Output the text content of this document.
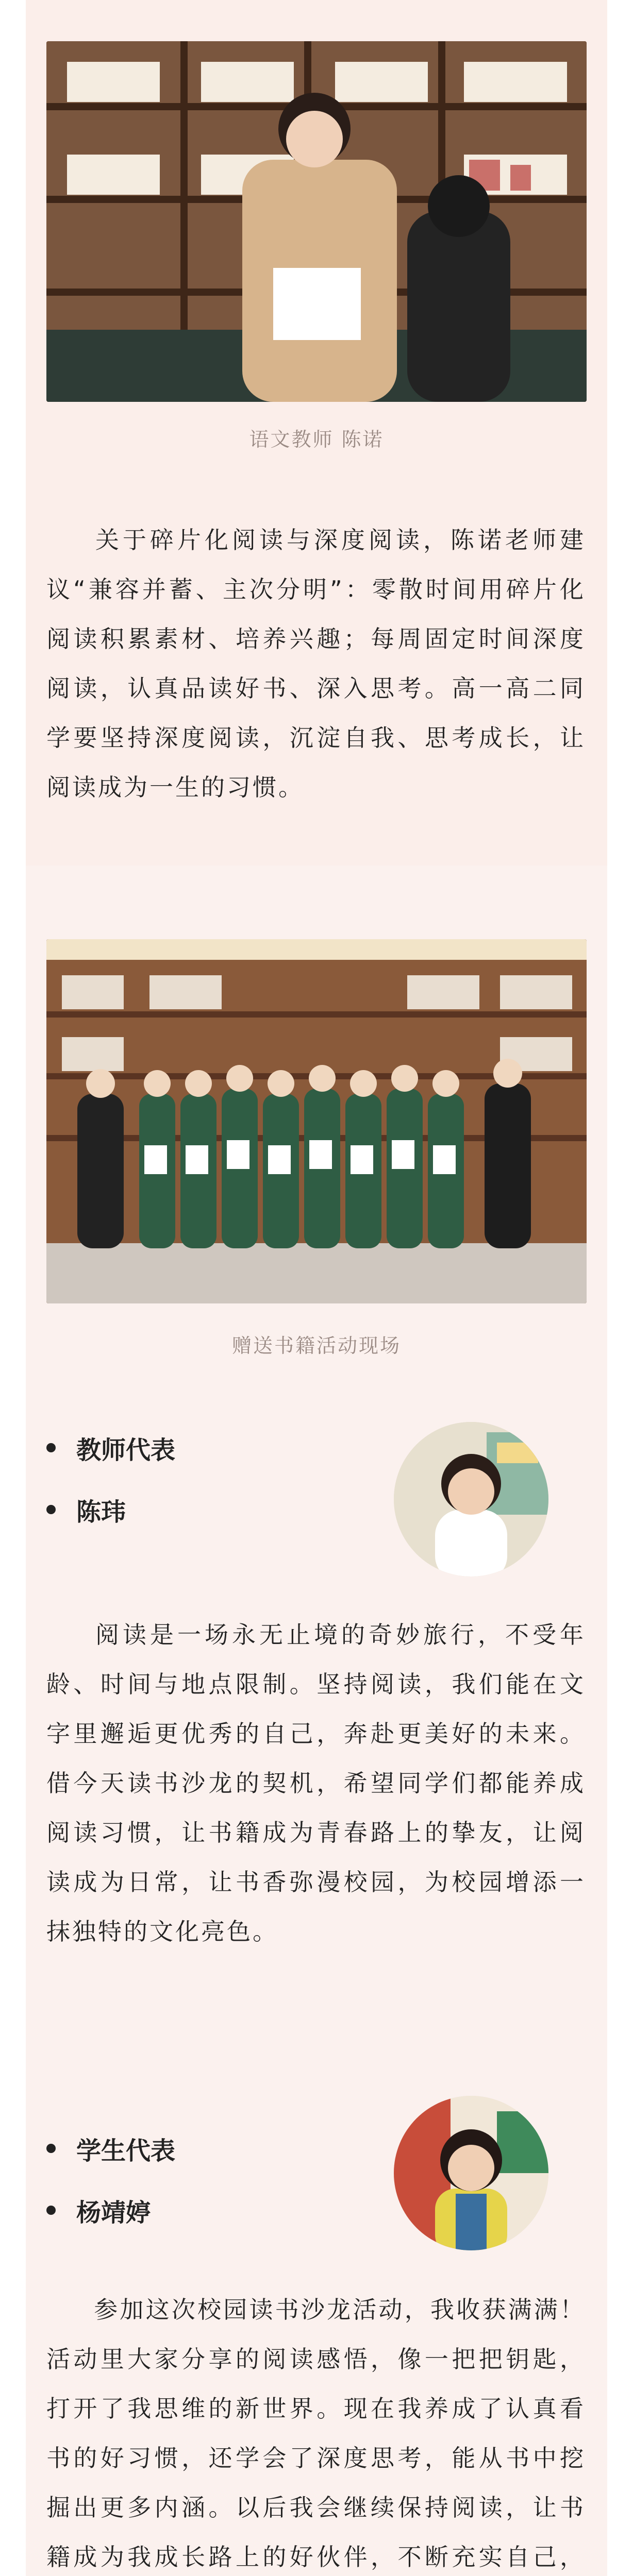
语文教师 陈诺
关于碎片化阅读与深度阅读，陈诺老师建议“兼容并蓄、主次分明”：零散时间用碎片化阅读积累素材、培养兴趣；每周固定时间深度阅读，认真品读好书、深入思考。高一高二同学要坚持深度阅读，沉淀自我、思考成长，让阅读成为一生的习惯。
赠送书籍活动现场
教师代表
陈玮
阅读是一场永无止境的奇妙旅行，不受年龄、时间与地点限制。坚持阅读，我们能在文字里邂逅更优秀的自己，奔赴更美好的未来。借今天读书沙龙的契机，希望同学们都能养成阅读习惯，让书籍成为青春路上的挚友，让阅读成为日常，让书香弥漫校园，为校园增添一抹独特的文化亮色。
学生代表
杨靖婷
参加这次校园读书沙龙活动，我收获满满！活动里大家分享的阅读感悟，像一把把钥匙，打开了我思维的新世界。现在我养成了认真看书的好习惯，还学会了深度思考，能从书中挖掘出更多内涵。以后我会继续保持阅读，让书籍成为我成长路上的好伙伴，不断充实自己，
